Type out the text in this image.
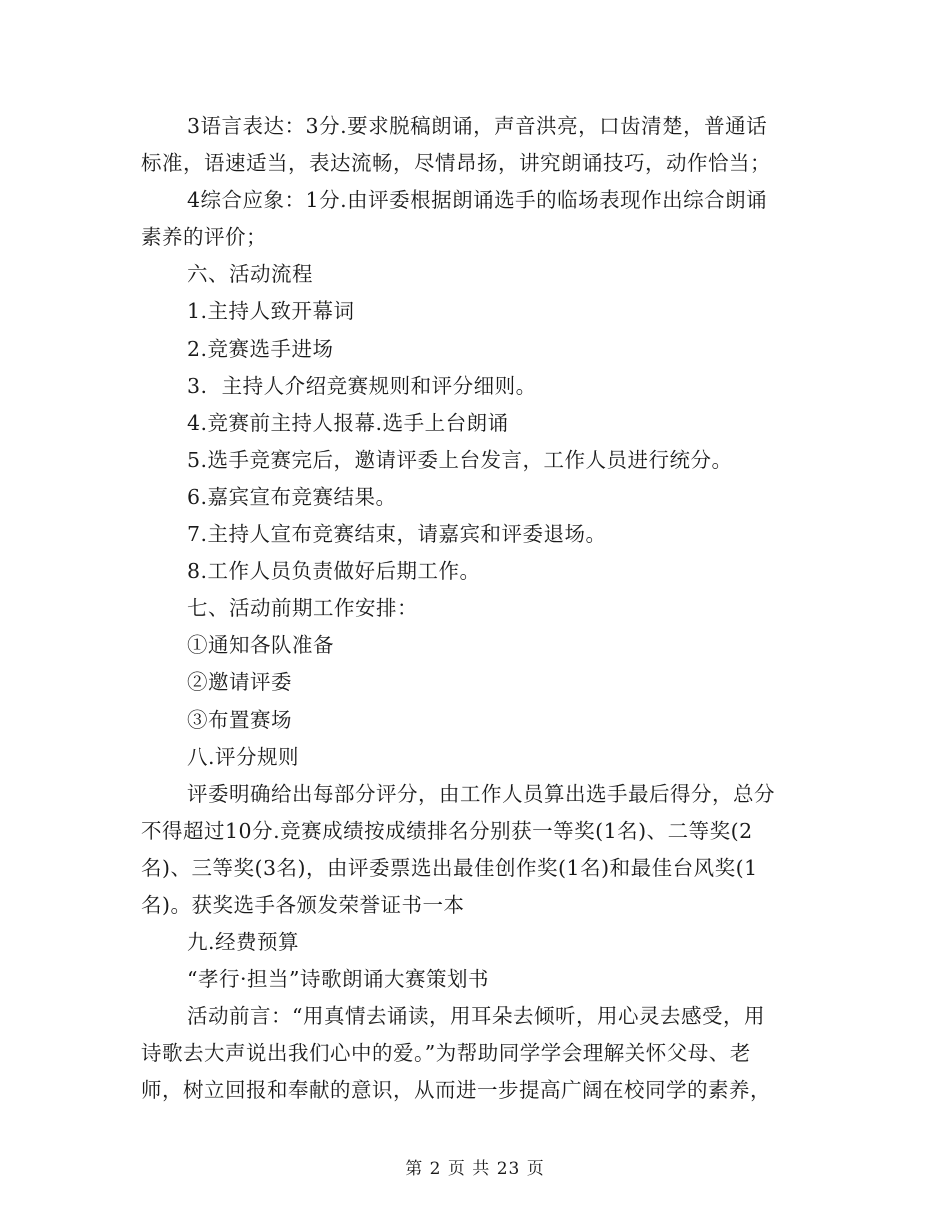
3语言表达：3分.要求脱稿朗诵，声音洪亮，口齿清楚，普通话
标准，语速适当，表达流畅，尽情昂扬，讲究朗诵技巧，动作恰当；
4综合应象：1分.由评委根据朗诵选手的临场表现作出综合朗诵
素养的评价；
六、活动流程
1.主持人致开幕词
2.竞赛选手进场
3.  主持人介绍竞赛规则和评分细则。
4.竞赛前主持人报幕.选手上台朗诵
5.选手竞赛完后，邀请评委上台发言，工作人员进行统分。
6.嘉宾宣布竞赛结果。
7.主持人宣布竞赛结束，请嘉宾和评委退场。
8.工作人员负责做好后期工作。
七、活动前期工作安排：
①通知各队准备
②邀请评委
③布置赛场
八.评分规则
评委明确给出每部分评分，由工作人员算出选手最后得分，总分
不得超过10分.竞赛成绩按成绩排名分别获一等奖(1名)、二等奖(2
名)、三等奖(3名)，由评委票选出最佳创作奖(1名)和最佳台风奖(1
名)。获奖选手各颁发荣誉证书一本
九.经费预算
“孝行·担当”诗歌朗诵大赛策划书
活动前言：“用真情去诵读，用耳朵去倾听，用心灵去感受，用
诗歌去大声说出我们心中的爱。”为帮助同学学会理解关怀父母、老
师，树立回报和奉献的意识，从而进一步提高广阔在校同学的素养，
第 2 页 共 23 页
